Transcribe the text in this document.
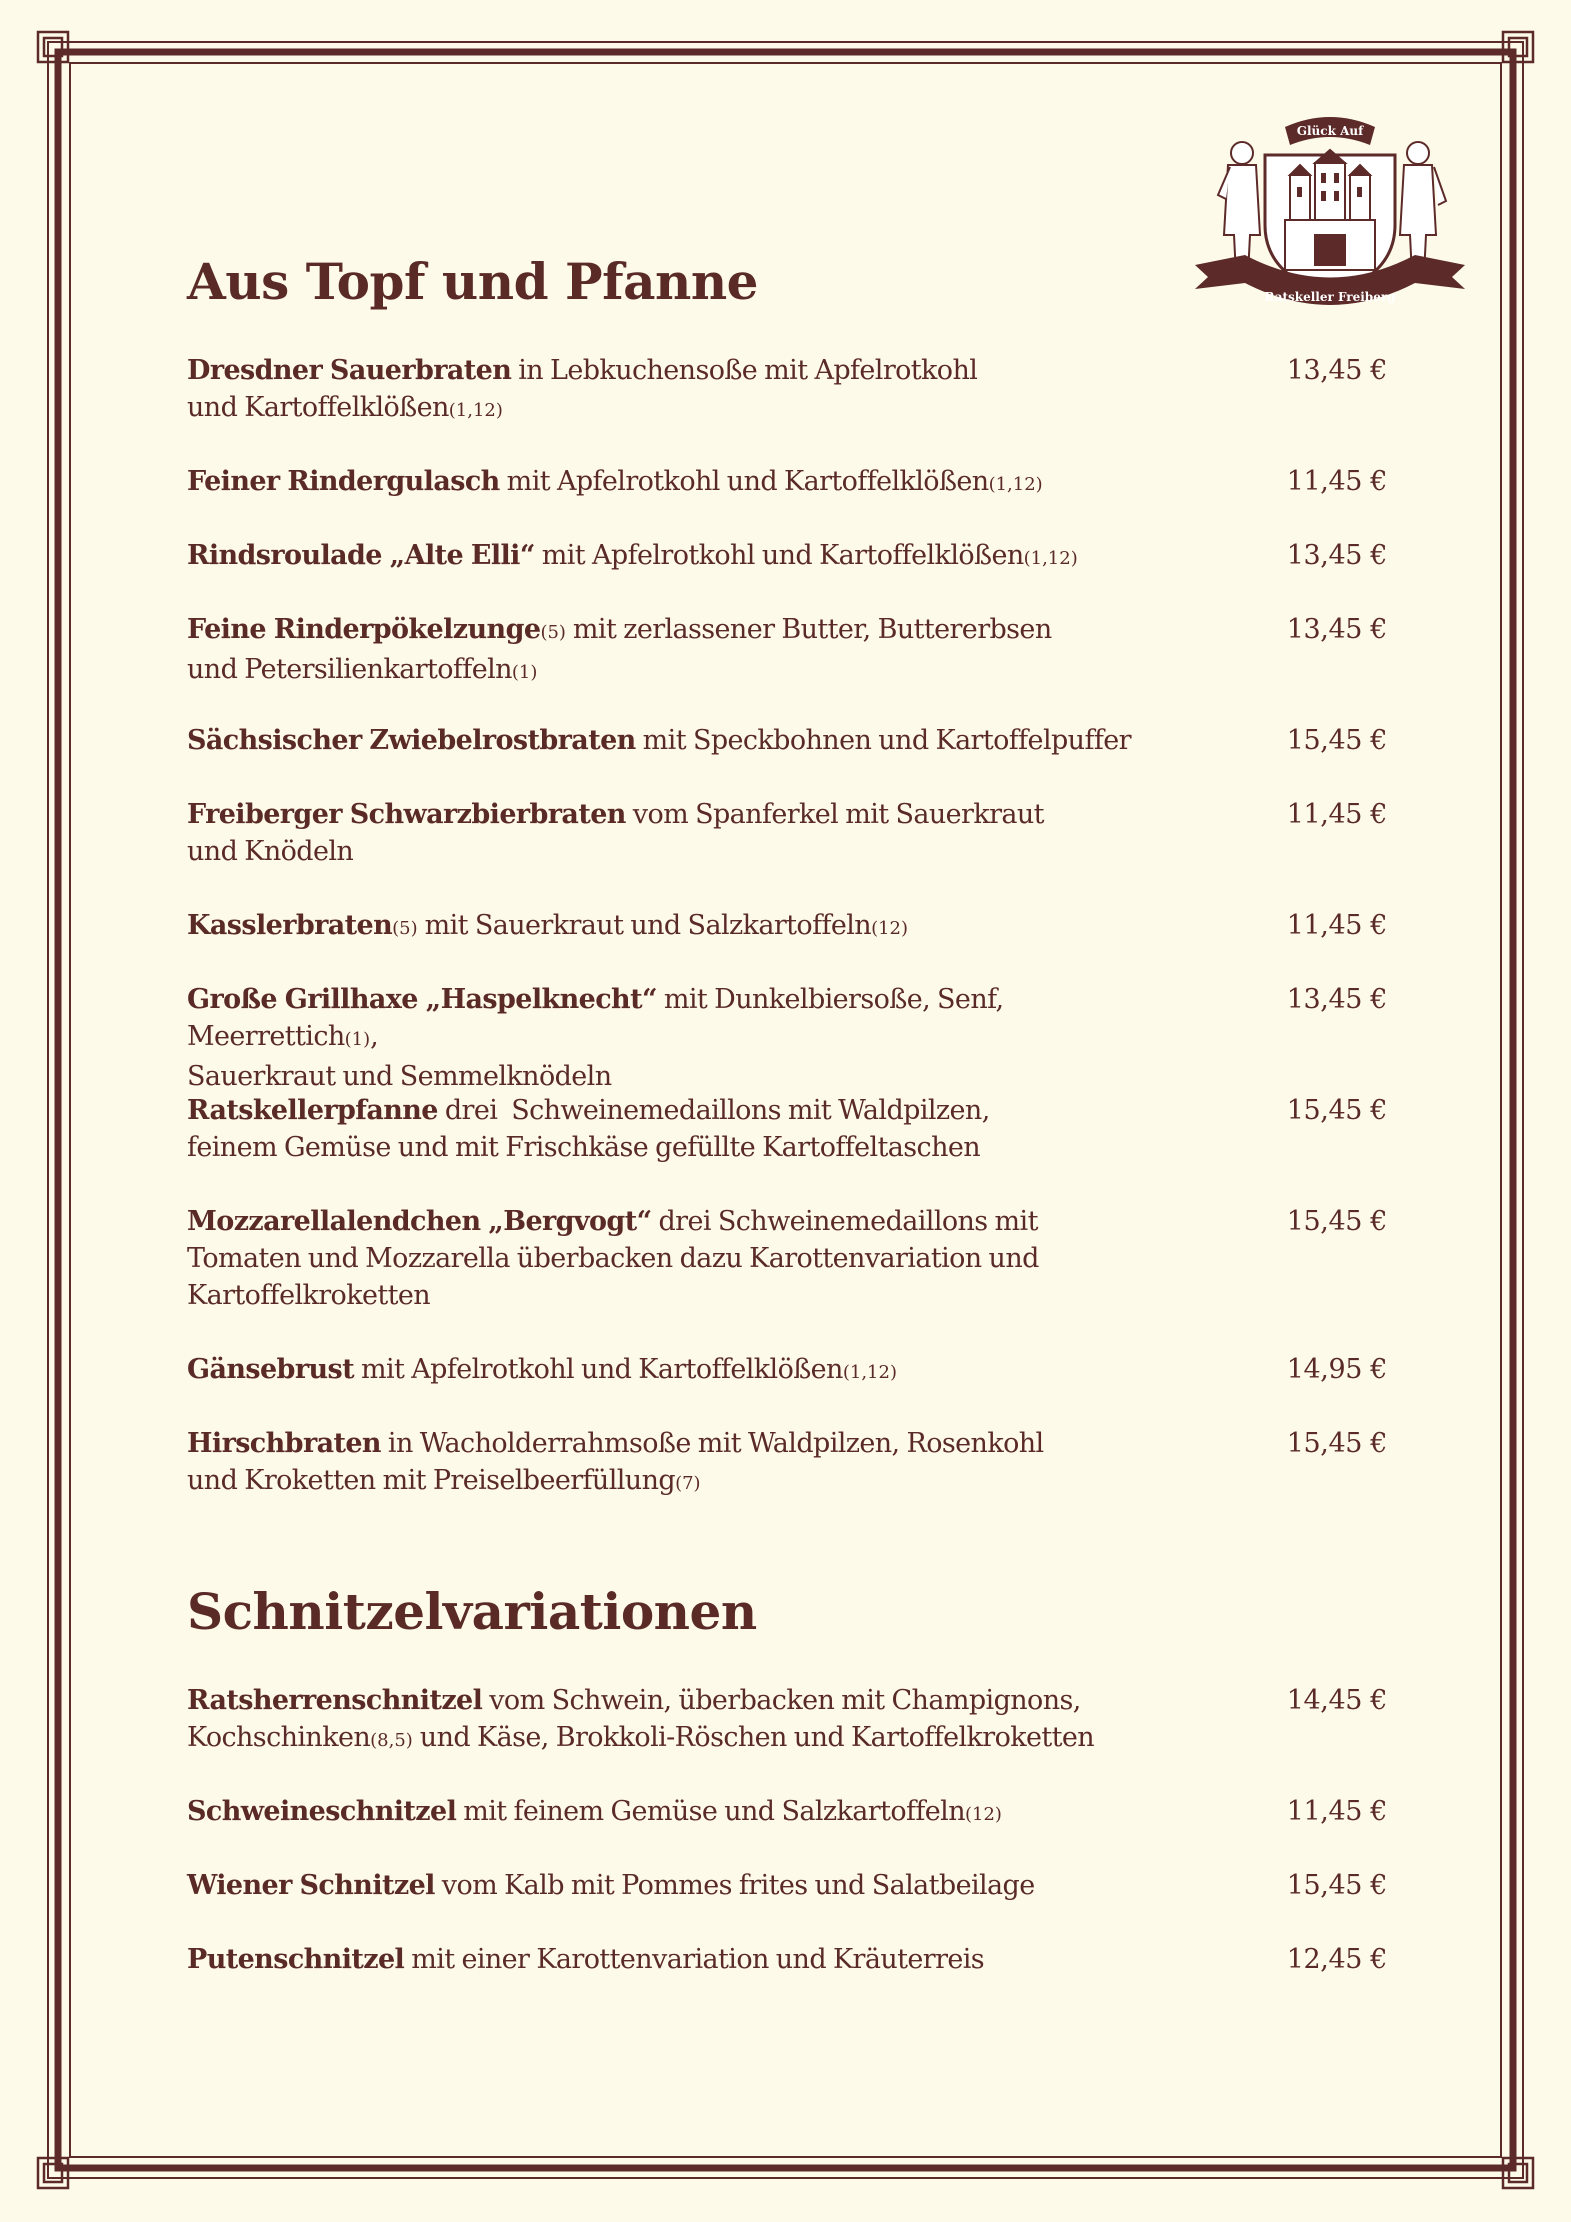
Glück Auf
Ratskeller Freiberg
Aus Topf und Pfanne
Dresdner Sauerbraten in Lebkuchensoße mit Apfelrotkohl
und Kartoffelklößen(1,12)
13,45 €
Feiner Rindergulasch mit Apfelrotkohl und Kartoffelklößen(1,12)	11,45 €
Rindsroulade „Alte Elli“ mit Apfelrotkohl und Kartoffelklößen(1,12)	13,45 €
Feine Rinderpökelzunge(5) mit zerlassener Butter, Buttererbsen
und Petersilienkartoffeln(1)
13,45 €
Sächsischer Zwiebelrostbraten mit Speckbohnen und Kartoffelpuffer	15,45 €
Freiberger Schwarzbierbraten vom Spanferkel mit Sauerkraut
und Knödeln
11,45 €
Kasslerbraten(5) mit Sauerkraut und Salzkartoffeln(12)	11,45 €
Große Grillhaxe „Haspelknecht“ mit Dunkelbiersoße, Senf, Meerrettich(1),
Sauerkraut und Semmelknödeln
13,45 €
Ratskellerpfanne drei  Schweinemedaillons mit Waldpilzen,
feinem Gemüse und mit Frischkäse gefüllte Kartoffeltaschen
15,45 €
Mozzarellalendchen „Bergvogt“ drei Schweinemedaillons mit
Tomaten und Mozzarella überbacken dazu Karottenvariation und
Kartoffelkroketten
15,45 €
Gänsebrust mit Apfelrotkohl und Kartoffelklößen(1,12)	14,95 €
Hirschbraten in Wacholderrahmsoße mit Waldpilzen, Rosenkohl
und Kroketten mit Preiselbeerfüllung(7)
15,45 €
Schnitzelvariationen
Ratsherrenschnitzel vom Schwein, überbacken mit Champignons,
Kochschinken(8,5) und Käse, Brokkoli-Röschen und Kartoffelkroketten
14,45 €
Schweineschnitzel mit feinem Gemüse und Salzkartoffeln(12)	11,45 €
Wiener Schnitzel vom Kalb mit Pommes frites und Salatbeilage	15,45 €
Putenschnitzel mit einer Karottenvariation und Kräuterreis	12,45 €
